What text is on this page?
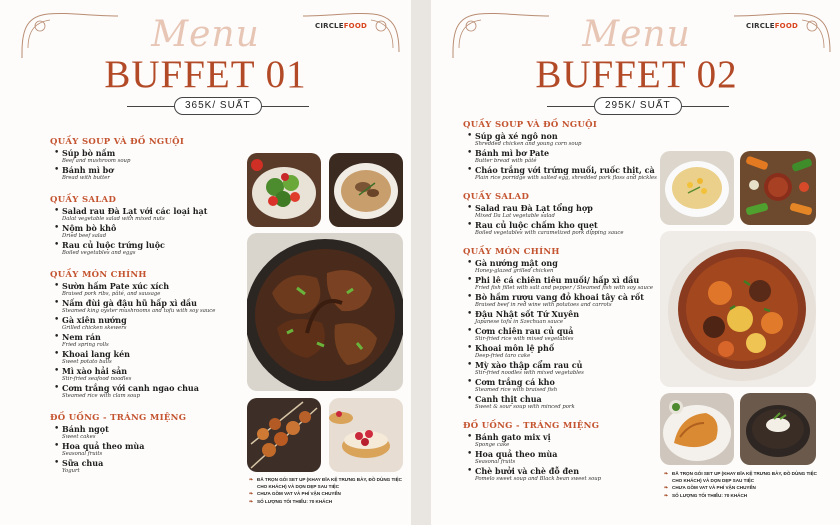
CIRCLEFOOD
Menu
BUFFET 01
365K/ SUẤT
QUẦY SOUP VÀ ĐỒ NGUỘI
• Súp bò nấm
Beef and mushroom soup
• Bánh mì bơ
Bread with butter
QUẦY SALAD
• Salad rau Đà Lạt với các loại hạt
Dalat vegetable salad with mixed nuts
• Nộm bò khô
Dried beef salad
• Rau củ luộc trứng luộc
Boiled vegetables and eggs
QUẦY MÓN CHÍNH
• Sườn hấm Pate xúc xích
Braised pork ribs, pâté, and sausage
• Nấm đùi gà đậu hũ hấp xì dầu
Steamed king oyster mushrooms and tofu with soy sauce
• Gà xiên nướng
Grilled chicken skewers
• Nem rán
Fried spring rolls
• Khoai lang kén
Sweet potato balls
• Mì xào hải sản
Stir-fried seafood noodles
• Cơm trắng với canh ngao chua
Steamed rice with clam soup
ĐỒ UỐNG - TRÁNG MIỆNG
• Bánh ngọt
Sweet cakes
• Hoa quả theo mùa
Seasonal fruits
• Sữa chua
Yogurt
❧ ĐÃ TRỌN GÓI SET UP (KHAY ĐĨA KỆ TRƯNG BÀY, ĐỒ DÙNG TIỆC CHO KHÁCH) VÀ DỌN DẸP SAU TIỆC
❧ CHƯA GỒM VAT VÀ PHÍ VẬN CHUYỂN
❧ SỐ LƯỢNG TỐI THIỂU: 70 KHÁCH
CIRCLEFOOD
Menu
BUFFET 02
295K/ SUẤT
QUẦY SOUP VÀ ĐỒ NGUỘI
• Súp gà xé ngô non
Shredded chicken and young corn soup
• Bánh mì bơ Pate
Butter bread with pâté
• Cháo trắng với trứng muối, ruốc thịt, cà
Plain rice porridge with salted egg, shredded pork floss and pickles
QUẦY SALAD
• Salad rau Đà Lạt tổng hợp
Mixed Da Lat vegetable salad
• Rau củ luộc chấm kho quẹt
Boiled vegetables with caramelized pork dipping sauce
QUẦY MÓN CHÍNH
• Gà nướng mật ong
Honey-glazed grilled chicken
• Phi lê cá chiên tiêu muối/ hấp xì dầu
Fried fish fillet with salt and pepper / Steamed fish with soy sauce
• Bò hầm rượu vang đỏ khoai tây cà rốt
Braised beef in red wine with potatoes and carrots
• Đậu Nhật sốt Tứ Xuyên
Japanese tofu in Szechuan sauce
• Cơm chiên rau củ quả
Stir-fried rice with mixed vegetables
• Khoai môn lệ phố
Deep-fried taro cake
• Mỳ xào thập cẩm rau củ
Stir-fried noodles with mixed vegetables
• Cơm trắng cá kho
Steamed rice with braised fish
• Canh thịt chua
Sweet & sour soup with minced pork
ĐỒ UỐNG - TRÁNG MIỆNG
• Bánh gato mix vị
Sponge cake
• Hoa quả theo mùa
Seasonal fruits
• Chè bưởi và chè đỗ đen
Pomelo sweet soup and Black bean sweet soup
❧ ĐÃ TRỌN GÓI SET UP (KHAY ĐĨA KỆ TRƯNG BÀY, ĐỒ DÙNG TIỆC CHO KHÁCH) VÀ DỌN DẸP SAU TIỆC
❧ CHƯA GỒM VAT VÀ PHÍ VẬN CHUYỂN
❧ SỐ LƯỢNG TỐI THIỂU: 70 KHÁCH
